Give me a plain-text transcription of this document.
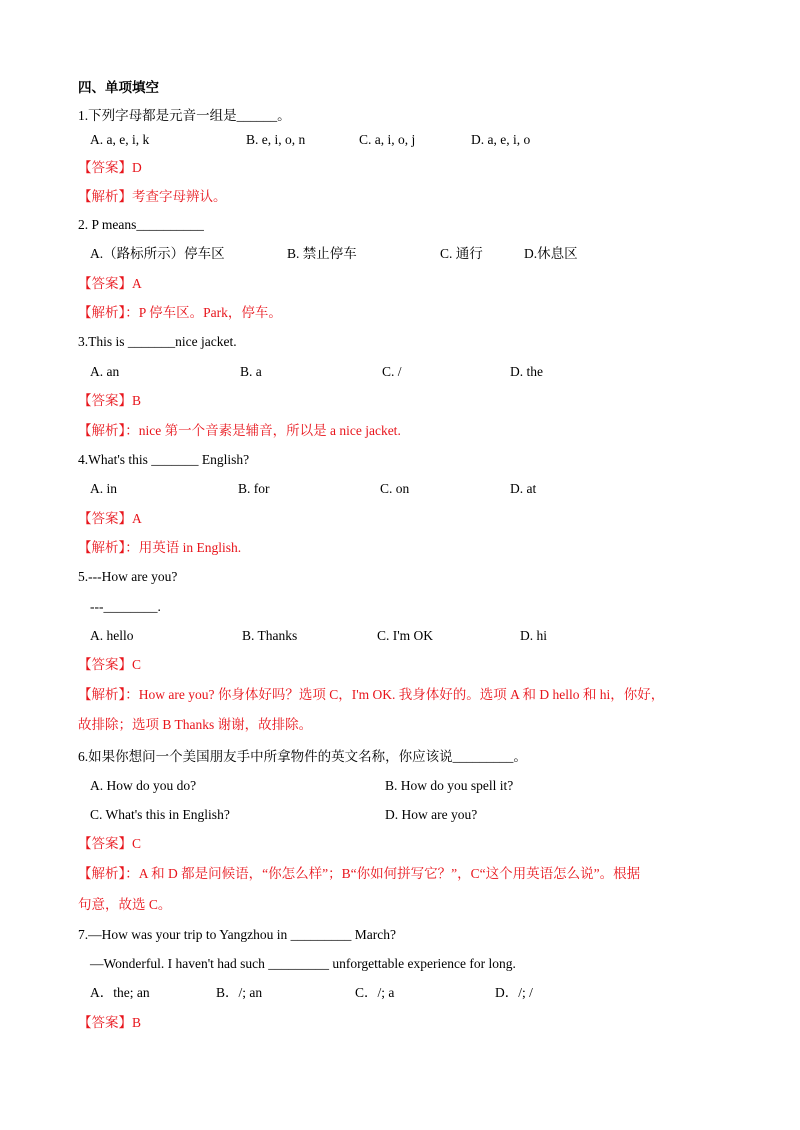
四、单项填空
1.下列字母都是元音一组是______。
A. a, e, i, k	B. e, i, o, n	C. a, i, o, j	D. a, e, i, o
【答案】D
【解析】考查字母辨认。
2. P means__________
A.（路标所示）停车区	B. 禁止停车	C. 通行	D.休息区
【答案】A
【解析】：P 停车区。Park，停车。
3.This is _______nice jacket.
A. an	B. a	C. /	D. the
【答案】B
【解析】：nice 第一个音素是辅音，所以是 a nice jacket.
4.What's this _______ English?
A. in	B. for	C. on	D. at
【答案】A
【解析】：用英语 in English.
5.---How are you?
---________.
A. hello	B. Thanks	C. I'm OK	D. hi
【答案】C
【解析】：How are you? 你身体好吗？选项 C，I'm OK. 我身体好的。选项 A 和 D hello 和 hi，你好，
故排除；选项 B Thanks 谢谢，故排除。
6.如果你想问一个美国朋友手中所拿物件的英文名称，你应该说_________。
A. How do you do?	B. How do you spell it?
C. What's this in English?	D. How are you?
【答案】C
【解析】：A 和 D 都是问候语，“你怎么样”；B“你如何拼写它？”，C“这个用英语怎么说”。根据
句意，故选 C。
7.—How was your trip to Yangzhou in _________ March?
—Wonderful. I haven't had such _________ unforgettable experience for long.
A．the; an	B．/; an	C．/; a	D．/; /
【答案】B
